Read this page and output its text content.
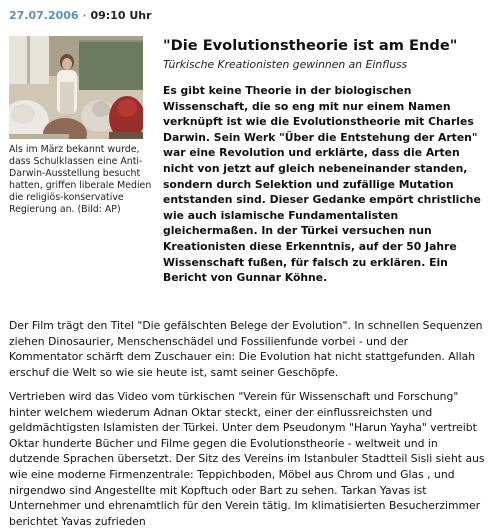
27.07.2006 · 09:10 Uhr
Als im März bekannt wurde, dass Schulklassen eine Anti-Darwin-Ausstellung besucht hatten, griffen liberale Medien die religiös-konservative Regierung an. (Bild: AP)
"Die Evolutionstheorie ist am Ende"
Türkische Kreationisten gewinnen an Einfluss
Es gibt keine Theorie in der biologischen Wissenschaft, die so eng mit nur einem Namen verknüpft ist wie die Evolutionstheorie mit Charles Darwin. Sein Werk "Über die Entstehung der Arten" war eine Revolution und erklärte, dass die Arten nicht von jetzt auf gleich nebeneinander standen, sondern durch Selektion und zufällige Mutation entstanden sind. Dieser Gedanke empört christliche wie auch islamische Fundamentalisten gleichermaßen. In der Türkei versuchen nun Kreationisten diese Erkenntnis, auf der 50 Jahre Wissenschaft fußen, für falsch zu erklären. Ein Bericht von Gunnar Köhne.
Der Film trägt den Titel "Die gefälschten Belege der Evolution". In schnellen Sequenzen ziehen Dinosaurier, Menschenschädel und Fossilienfunde vorbei - und der Kommentator schärft dem Zuschauer ein: Die Evolution hat nicht stattgefunden. Allah erschuf die Welt so wie sie heute ist, samt seiner Geschöpfe.
Vertrieben wird das Video vom türkischen "Verein für Wissenschaft und Forschung" hinter welchem wiederum Adnan Oktar steckt, einer der einflussreichsten und geldmächtigsten Islamisten der Türkei. Unter dem Pseudonym "Harun Yayha" vertreibt Oktar hunderte Bücher und Filme gegen die Evolutionstheorie - weltweit und in dutzende Sprachen übersetzt. Der Sitz des Vereins im Istanbuler Stadtteil Sisli sieht aus wie eine moderne Firmenzentrale: Teppichboden, Möbel aus Chrom und Glas , und nirgendwo sind Angestellte mit Kopftuch oder Bart zu sehen. Tarkan Yavas ist Unternehmer und ehrenamtlich für den Verein tätig. Im klimatisierten Besucherzimmer berichtet Yavas zufrieden
